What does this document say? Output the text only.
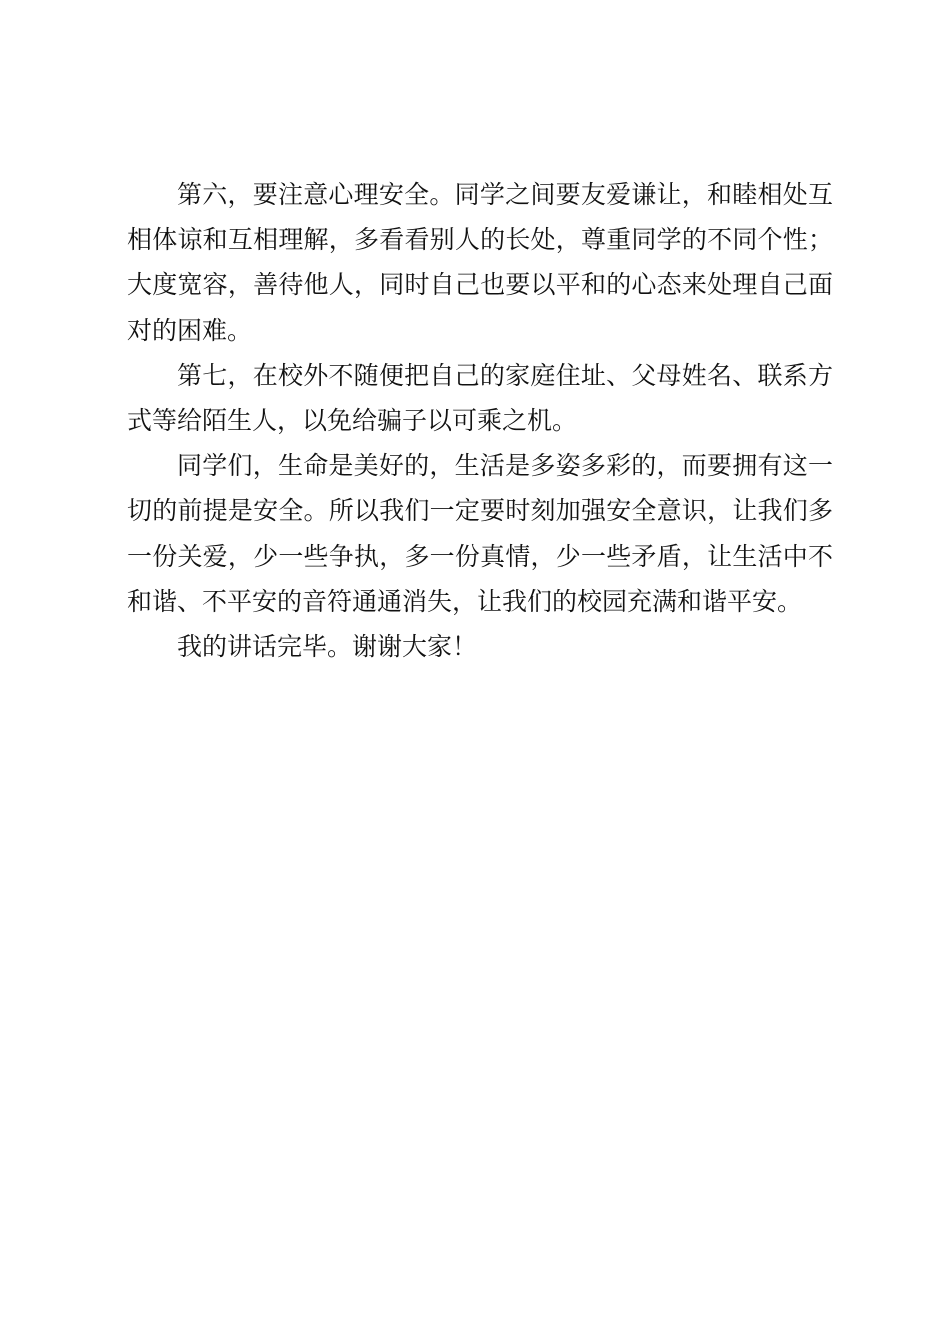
第六，要注意心理安全。同学之间要友爱谦让，和睦相处互相体谅和互相理解，多看看别人的长处，尊重同学的不同个性；大度宽容，善待他人，同时自己也要以平和的心态来处理自己面对的困难。

第七，在校外不随便把自己的家庭住址、父母姓名、联系方式等给陌生人，以免给骗子以可乘之机。

同学们，生命是美好的，生活是多姿多彩的，而要拥有这一切的前提是安全。所以我们一定要时刻加强安全意识，让我们多一份关爱，少一些争执，多一份真情，少一些矛盾，让生活中不和谐、不平安的音符通通消失，让我们的校园充满和谐平安。

我的讲话完毕。谢谢大家！
